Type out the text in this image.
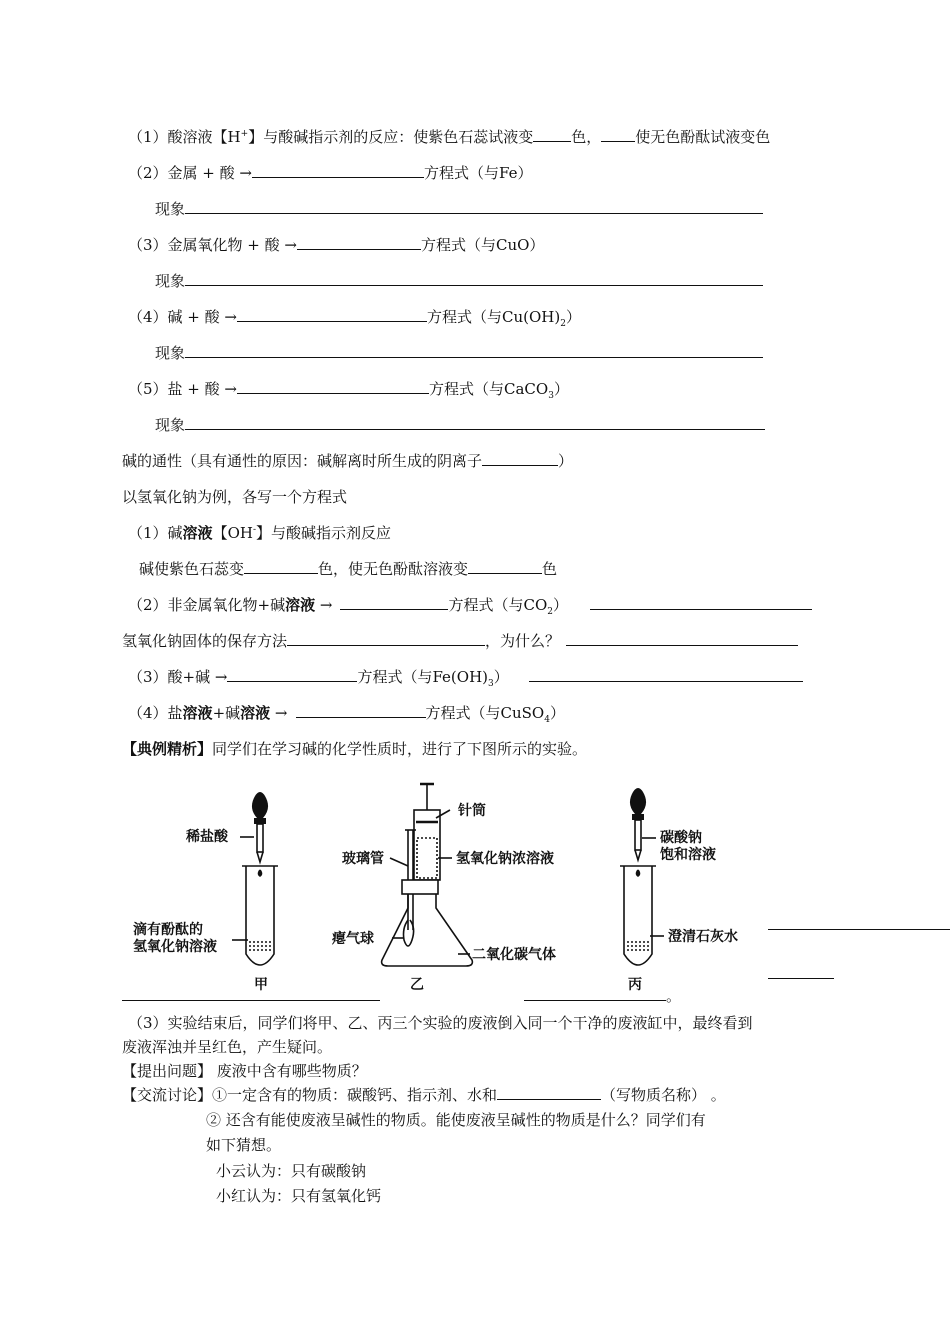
（1）酸溶液【H+】与酸碱指示剂的反应：使紫色石蕊试液变	色， 使无色酚酞试液变色
（2）金属 + 酸 →	方程式（与Fe）
现象
（3）金属氧化物 + 酸 →	方程式（与CuO）
现象
（4）碱 + 酸 →	方程式（与$Cu(OH)_2$）
现象
（5）盐 + 酸 →	方程式（与CaCO$_3$）
现象
碱的通性（具有通性的原因：碱解离时所生成的阴离子	）
以氢氧化钠为例，各写一个方程式
（1）碱溶液【OH-】与酸碱指示剂反应
碱使紫色石蕊变	色，使无色酚酞溶液变	色
（2）非金属氧化物+碱溶液 →	方程式（与$CO_2$）
氢氧化钠固体的保存方法	，为什么？
（3）酸+碱 →	方程式（与$Fe(OH)_3$）
（4）盐溶液+碱溶液 →	方程式（与CuSO$_4$）
【典例精析】同学们在学习碱的化学性质时，进行了下图所示的实验。
稀盐酸
滴有酚酞的
氢氧化钠溶液
甲
针筒
玻璃管	氢氧化钠浓溶液
瘪气球
二氧化碳气体
乙
碳酸钠
饱和溶液
澄清石灰水
丙
。
（3）实验结束后，同学们将甲、乙、丙三个实验的废液倒入同一个干净的废液缸中，最终看到
废液浑浊并呈红色，产生疑问。
【提出问题】 废液中含有哪些物质？
【交流讨论】①一定含有的物质：碳酸钙、指示剂、水和	（写物质名称） 。
② 还含有能使废液呈碱性的物质。能使废液呈碱性的物质是什么？同学们有
如下猜想。
小云认为：只有碳酸钠
小红认为：只有氢氧化钙
